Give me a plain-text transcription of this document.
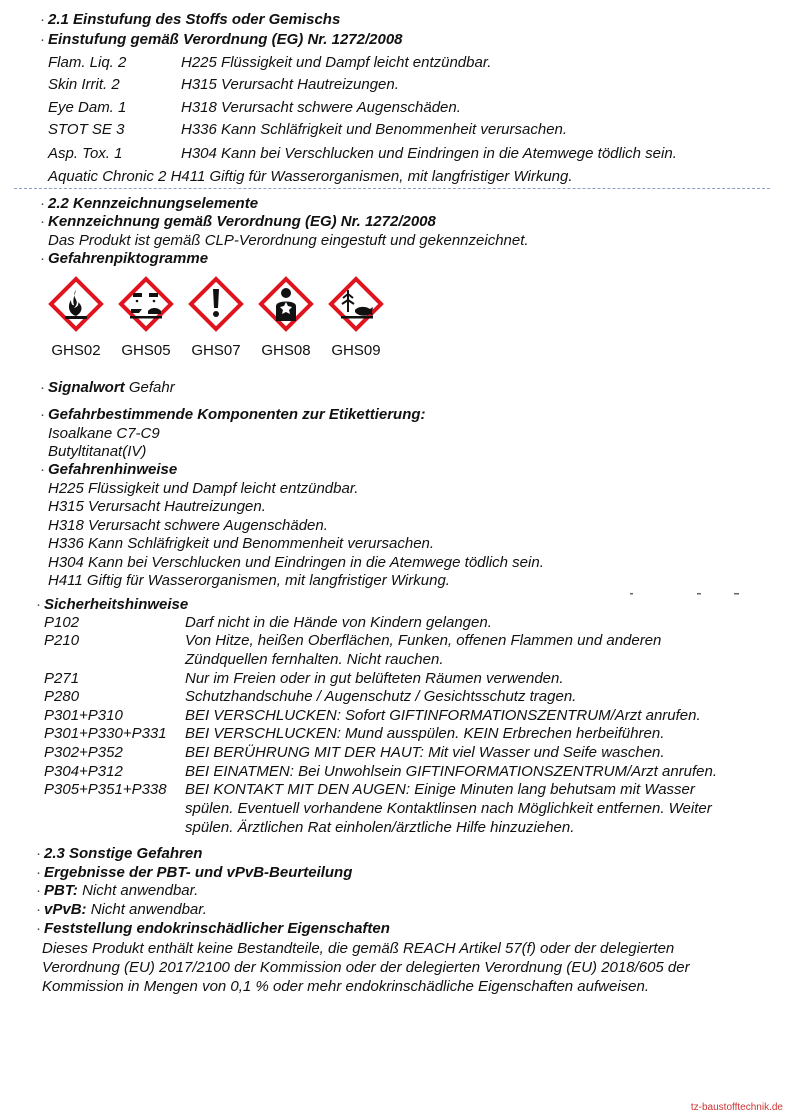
· 2.1 Einstufung des Stoffs oder Gemischs
· Einstufung gemäß Verordnung (EG) Nr. 1272/2008
Flam. Liq. 2	H225 Flüssigkeit und Dampf leicht entzündbar.
Skin Irrit. 2	H315 Verursacht Hautreizungen.
Eye Dam. 1	H318 Verursacht schwere Augenschäden.
STOT SE 3	H336 Kann Schläfrigkeit und Benommenheit verursachen.
Asp. Tox. 1	H304 Kann bei Verschlucken und Eindringen in die Atemwege tödlich sein.
Aquatic Chronic 2 H411 Giftig für Wasserorganismen, mit langfristiger Wirkung.
· 2.2 Kennzeichnungselemente
· Kennzeichnung gemäß Verordnung (EG) Nr. 1272/2008
Das Produkt ist gemäß CLP-Verordnung eingestuft und gekennzeichnet.
· Gefahrenpiktogramme
GHS02	GHS05	GHS07	GHS08	GHS09
· Signalwort Gefahr
· Gefahrbestimmende Komponenten zur Etikettierung:
Isoalkane C7-C9
Butyltitanat(IV)
· Gefahrenhinweise
H225 Flüssigkeit und Dampf leicht entzündbar.
H315 Verursacht Hautreizungen.
H318 Verursacht schwere Augenschäden.
H336 Kann Schläfrigkeit und Benommenheit verursachen.
H304 Kann bei Verschlucken und Eindringen in die Atemwege tödlich sein.
H411 Giftig für Wasserorganismen, mit langfristiger Wirkung.
· Sicherheitshinweise
P102	Darf nicht in die Hände von Kindern gelangen.
P210	Von Hitze, heißen Oberflächen, Funken, offenen Flammen und anderen
Zündquellen fernhalten. Nicht rauchen.
P271	Nur im Freien oder in gut belüfteten Räumen verwenden.
P280	Schutzhandschuhe / Augenschutz / Gesichtsschutz tragen.
P301+P310	BEI VERSCHLUCKEN: Sofort GIFTINFORMATIONSZENTRUM/Arzt anrufen.
P301+P330+P331 BEI VERSCHLUCKEN: Mund ausspülen. KEIN Erbrechen herbeiführen.
P302+P352	BEI BERÜHRUNG MIT DER HAUT: Mit viel Wasser und Seife waschen.
P304+P312	BEI EINATMEN: Bei Unwohlsein GIFTINFORMATIONSZENTRUM/Arzt anrufen.
P305+P351+P338 BEI KONTAKT MIT DEN AUGEN: Einige Minuten lang behutsam mit Wasser
spülen. Eventuell vorhandene Kontaktlinsen nach Möglichkeit entfernen. Weiter
spülen. Ärztlichen Rat einholen/ärztliche Hilfe hinzuziehen.
· 2.3 Sonstige Gefahren
· Ergebnisse der PBT- und vPvB-Beurteilung
· PBT: Nicht anwendbar.
· vPvB: Nicht anwendbar.
· Feststellung endokrinschädlicher Eigenschaften
Dieses Produkt enthält keine Bestandteile, die gemäß REACH Artikel 57(f) oder der delegierten
Verordnung (EU) 2017/2100 der Kommission oder der delegierten Verordnung (EU) 2018/605 der
Kommission in Mengen von 0,1 % oder mehr endokrinschädliche Eigenschaften aufweisen.
tz-baustofftechnik.de
